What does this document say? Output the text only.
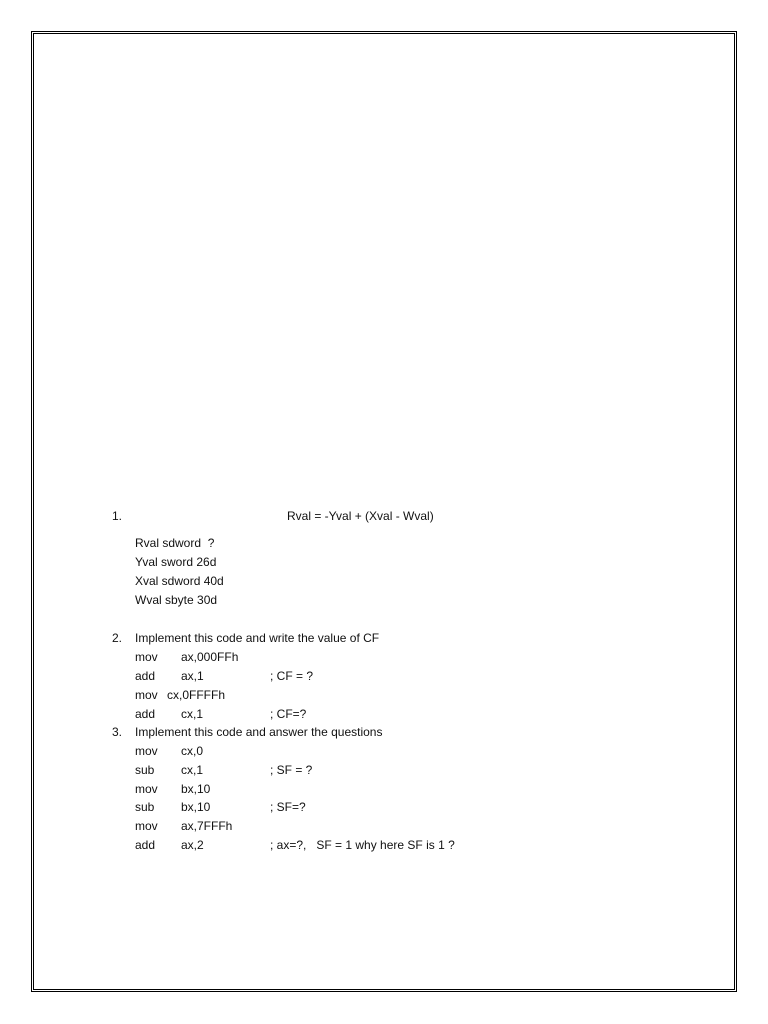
1.	Rval = -Yval + (Xval - Wval)
Rval sdword  ?
Yval sword 26d
Xval sdword 40d
Wval sbyte 30d
2. Implement this code and write the value of CF
mov ax,000FFh
add ax,1	; CF = ?
mov cx,0FFFFh
add cx,1	; CF=?
3. Implement this code and answer the questions
mov cx,0
sub cx,1	; SF = ?
mov bx,10
sub bx,10	; SF=?
mov ax,7FFFh
add ax,2	; ax=?,   SF = 1 why here SF is 1 ?
